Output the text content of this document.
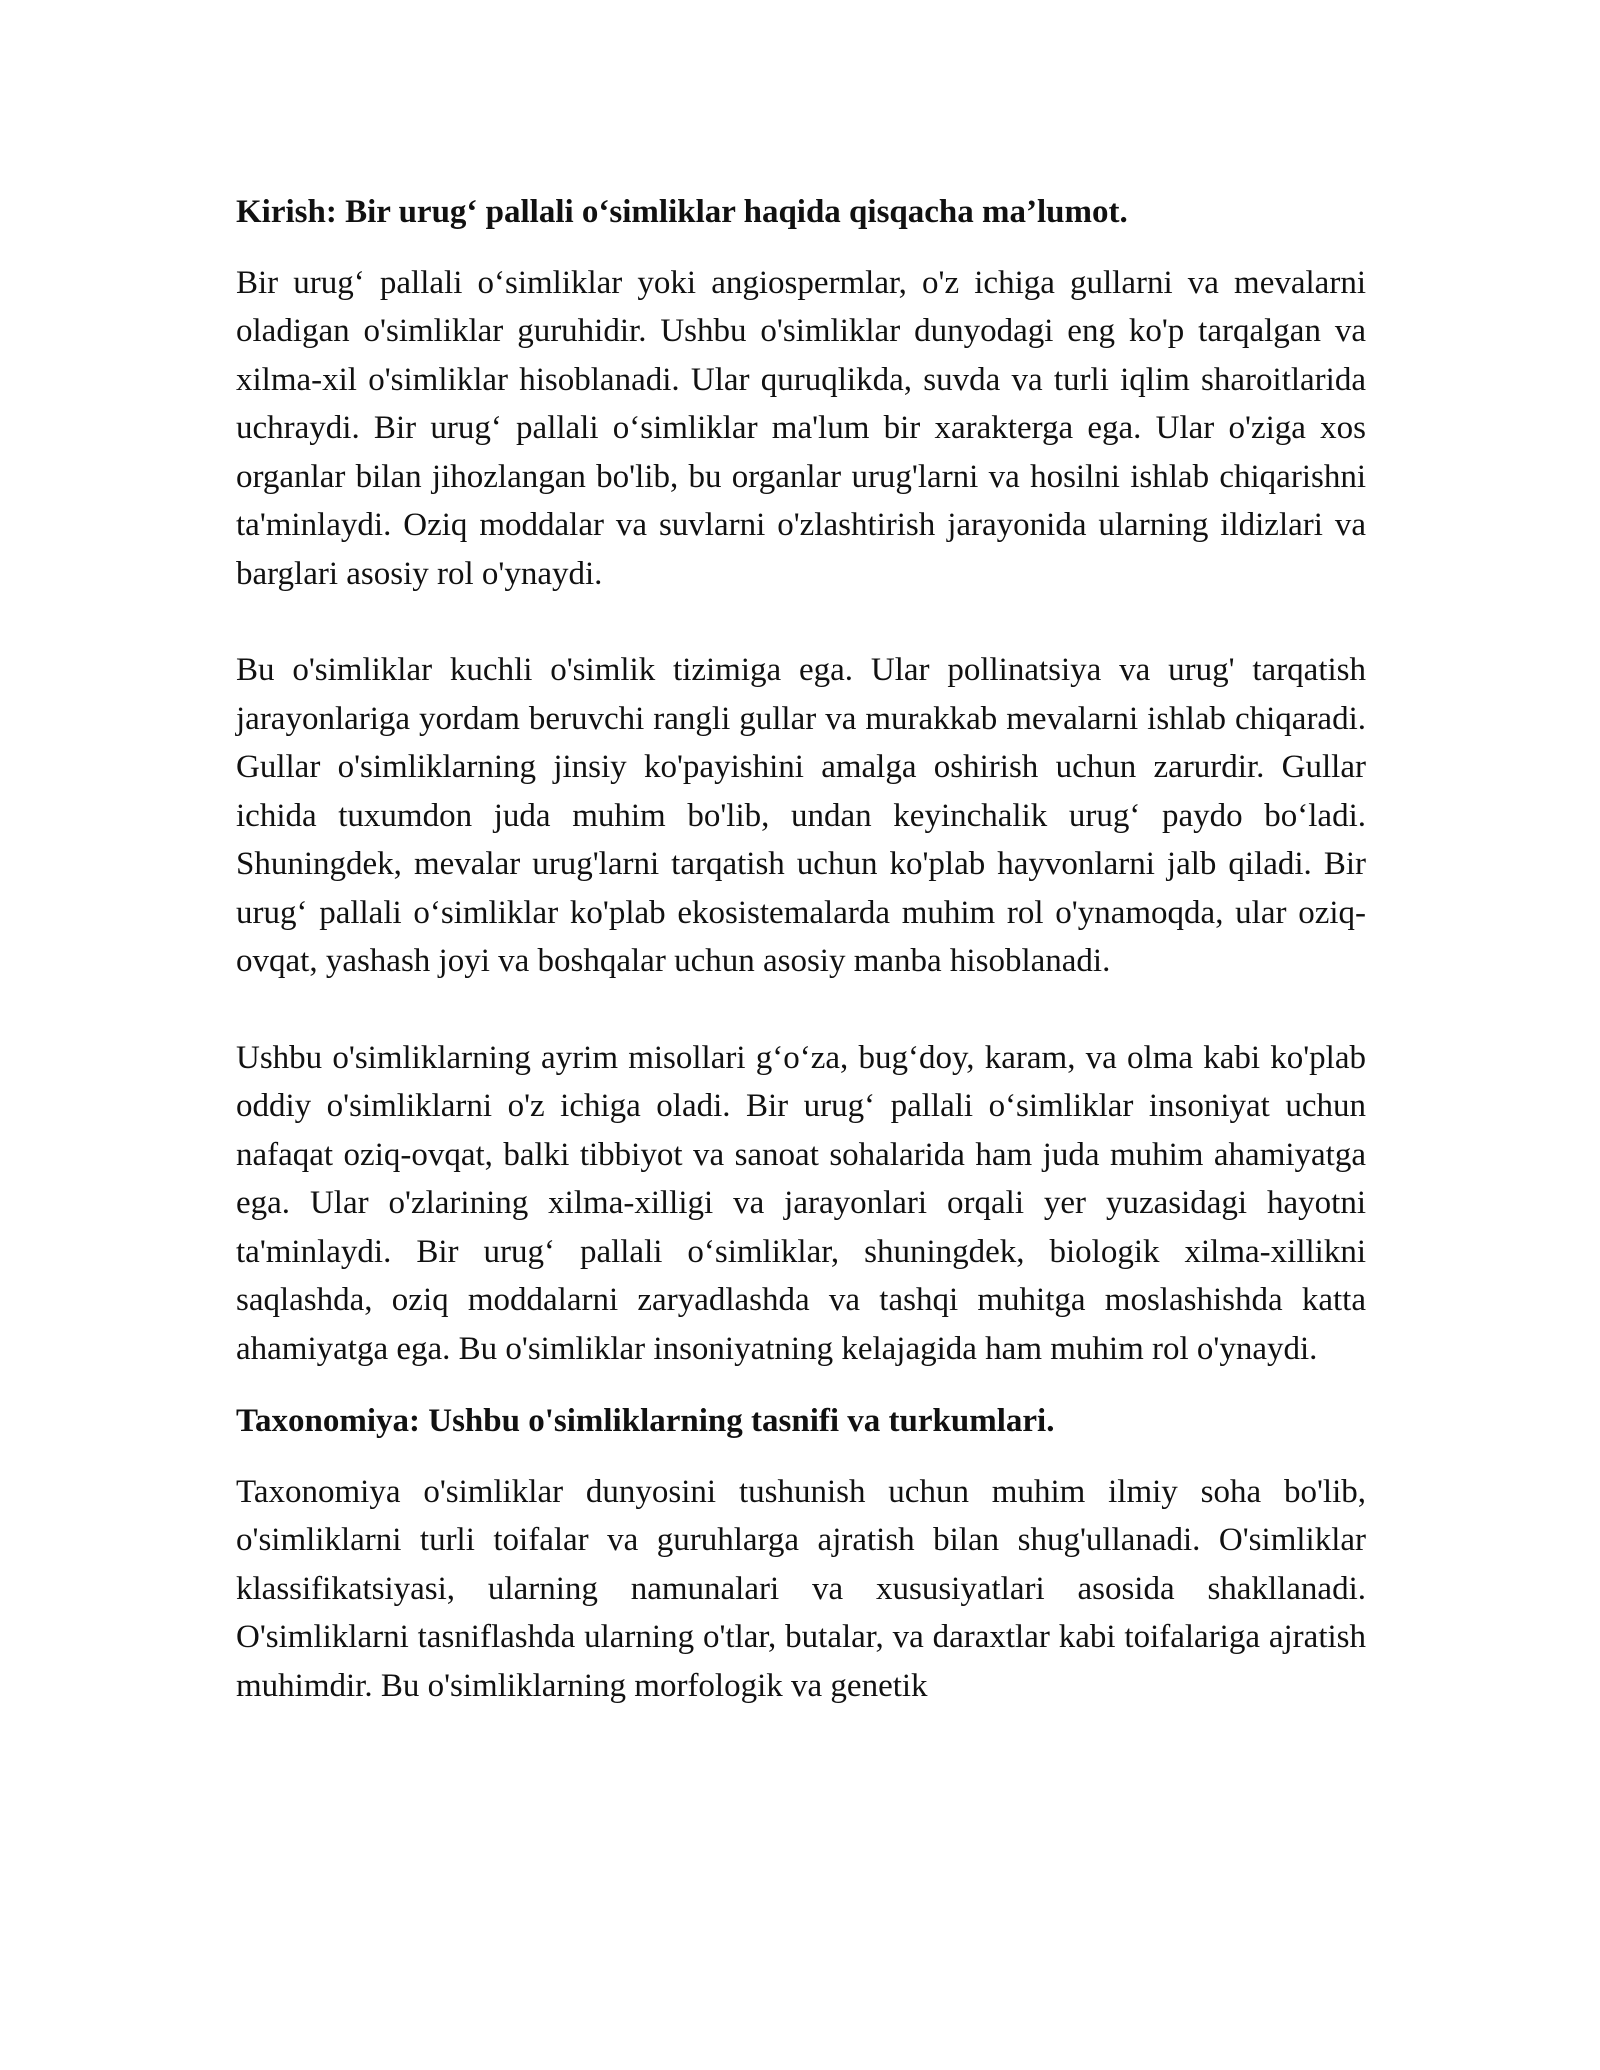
Kirish: Bir urug‘ pallali o‘simliklar haqida qisqacha ma’lumot.

Bir urug‘ pallali o‘simliklar yoki angiospermlar, o'z ichiga gullarni va mevalarni oladigan o'simliklar guruhidir. Ushbu o'simliklar dunyodagi eng ko'p tarqalgan va xilma-xil o'simliklar hisoblanadi. Ular quruqlikda, suvda va turli iqlim sharoitlarida uchraydi. Bir urug‘ pallali o‘simliklar ma'lum bir xarakterga ega. Ular o'ziga xos organlar bilan jihozlangan bo'lib, bu organlar urug'larni va hosilni ishlab chiqarishni ta'minlaydi. Oziq moddalar va suvlarni o'zlashtirish jarayonida ularning ildizlari va barglari asosiy rol o'ynaydi.

Bu o'simliklar kuchli o'simlik tizimiga ega. Ular pollinatsiya va urug' tarqatish jarayonlariga yordam beruvchi rangli gullar va murakkab mevalarni ishlab chiqaradi. Gullar o'simliklarning jinsiy ko'payishini amalga oshirish uchun zarurdir. Gullar ichida tuxumdon juda muhim bo'lib, undan keyinchalik urug‘ paydo bo‘ladi. Shuningdek, mevalar urug'larni tarqatish uchun ko'plab hayvonlarni jalb qiladi. Bir urug‘ pallali o‘simliklar ko'plab ekosistemalarda muhim rol o'ynamoqda, ular oziq-ovqat, yashash joyi va boshqalar uchun asosiy manba hisoblanadi.

Ushbu o'simliklarning ayrim misollari g‘o‘za, bug‘doy, karam, va olma kabi ko'plab oddiy o'simliklarni o'z ichiga oladi. Bir urug‘ pallali o‘simliklar insoniyat uchun nafaqat oziq-ovqat, balki tibbiyot va sanoat sohalarida ham juda muhim ahamiyatga ega. Ular o'zlarining xilma-xilligi va jarayonlari orqali yer yuzasidagi hayotni ta'minlaydi. Bir urug‘ pallali o‘simliklar, shuningdek, biologik xilma-xillikni saqlashda, oziq moddalarni zaryadlashda va tashqi muhitga moslashishda katta ahamiyatga ega. Bu o'simliklar insoniyatning kelajagida ham muhim rol o'ynaydi.

Taxonomiya: Ushbu o'simliklarning tasnifi va turkumlari.

Taxonomiya o'simliklar dunyosini tushunish uchun muhim ilmiy soha bo'lib, o'simliklarni turli toifalar va guruhlarga ajratish bilan shug'ullanadi. O'simliklar klassifikatsiyasi, ularning namunalari va xususiyatlari asosida shakllanadi. O'simliklarni tasniflashda ularning o'tlar, butalar, va daraxtlar kabi toifalariga ajratish muhimdir. Bu o'simliklarning morfologik va genetik
